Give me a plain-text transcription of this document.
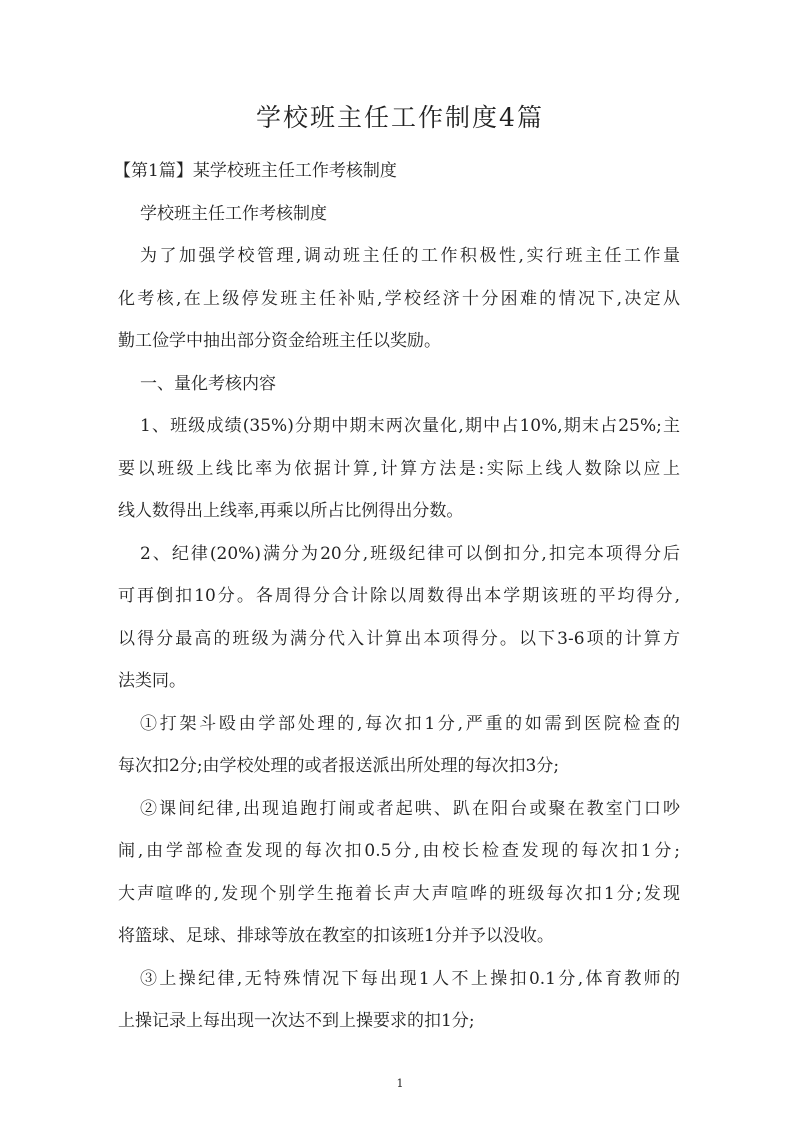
学校班主任工作制度4篇
【第1篇】某学校班主任工作考核制度
学校班主任工作考核制度
为了加强学校管理,调动班主任的工作积极性,实行班主任工作量
化考核,在上级停发班主任补贴,学校经济十分困难的情况下,决定从
勤工俭学中抽出部分资金给班主任以奖励。
一、量化考核内容
1、班级成绩(35%)分期中期末两次量化,期中占10%,期末占25%;主
要以班级上线比率为依据计算,计算方法是:实际上线人数除以应上
线人数得出上线率,再乘以所占比例得出分数。
2、纪律(20%)满分为20分,班级纪律可以倒扣分,扣完本项得分后
可再倒扣10分。各周得分合计除以周数得出本学期该班的平均得分,
以得分最高的班级为满分代入计算出本项得分。以下3-6项的计算方
法类同。
①打架斗殴由学部处理的,每次扣1分,严重的如需到医院检查的
每次扣2分;由学校处理的或者报送派出所处理的每次扣3分;
②课间纪律,出现追跑打闹或者起哄、趴在阳台或聚在教室门口吵
闹,由学部检查发现的每次扣0.5分,由校长检查发现的每次扣1分;
大声喧哗的,发现个别学生拖着长声大声喧哗的班级每次扣1分;发现
将篮球、足球、排球等放在教室的扣该班1分并予以没收。
③上操纪律,无特殊情况下每出现1人不上操扣0.1分,体育教师的
上操记录上每出现一次达不到上操要求的扣1分;
1
